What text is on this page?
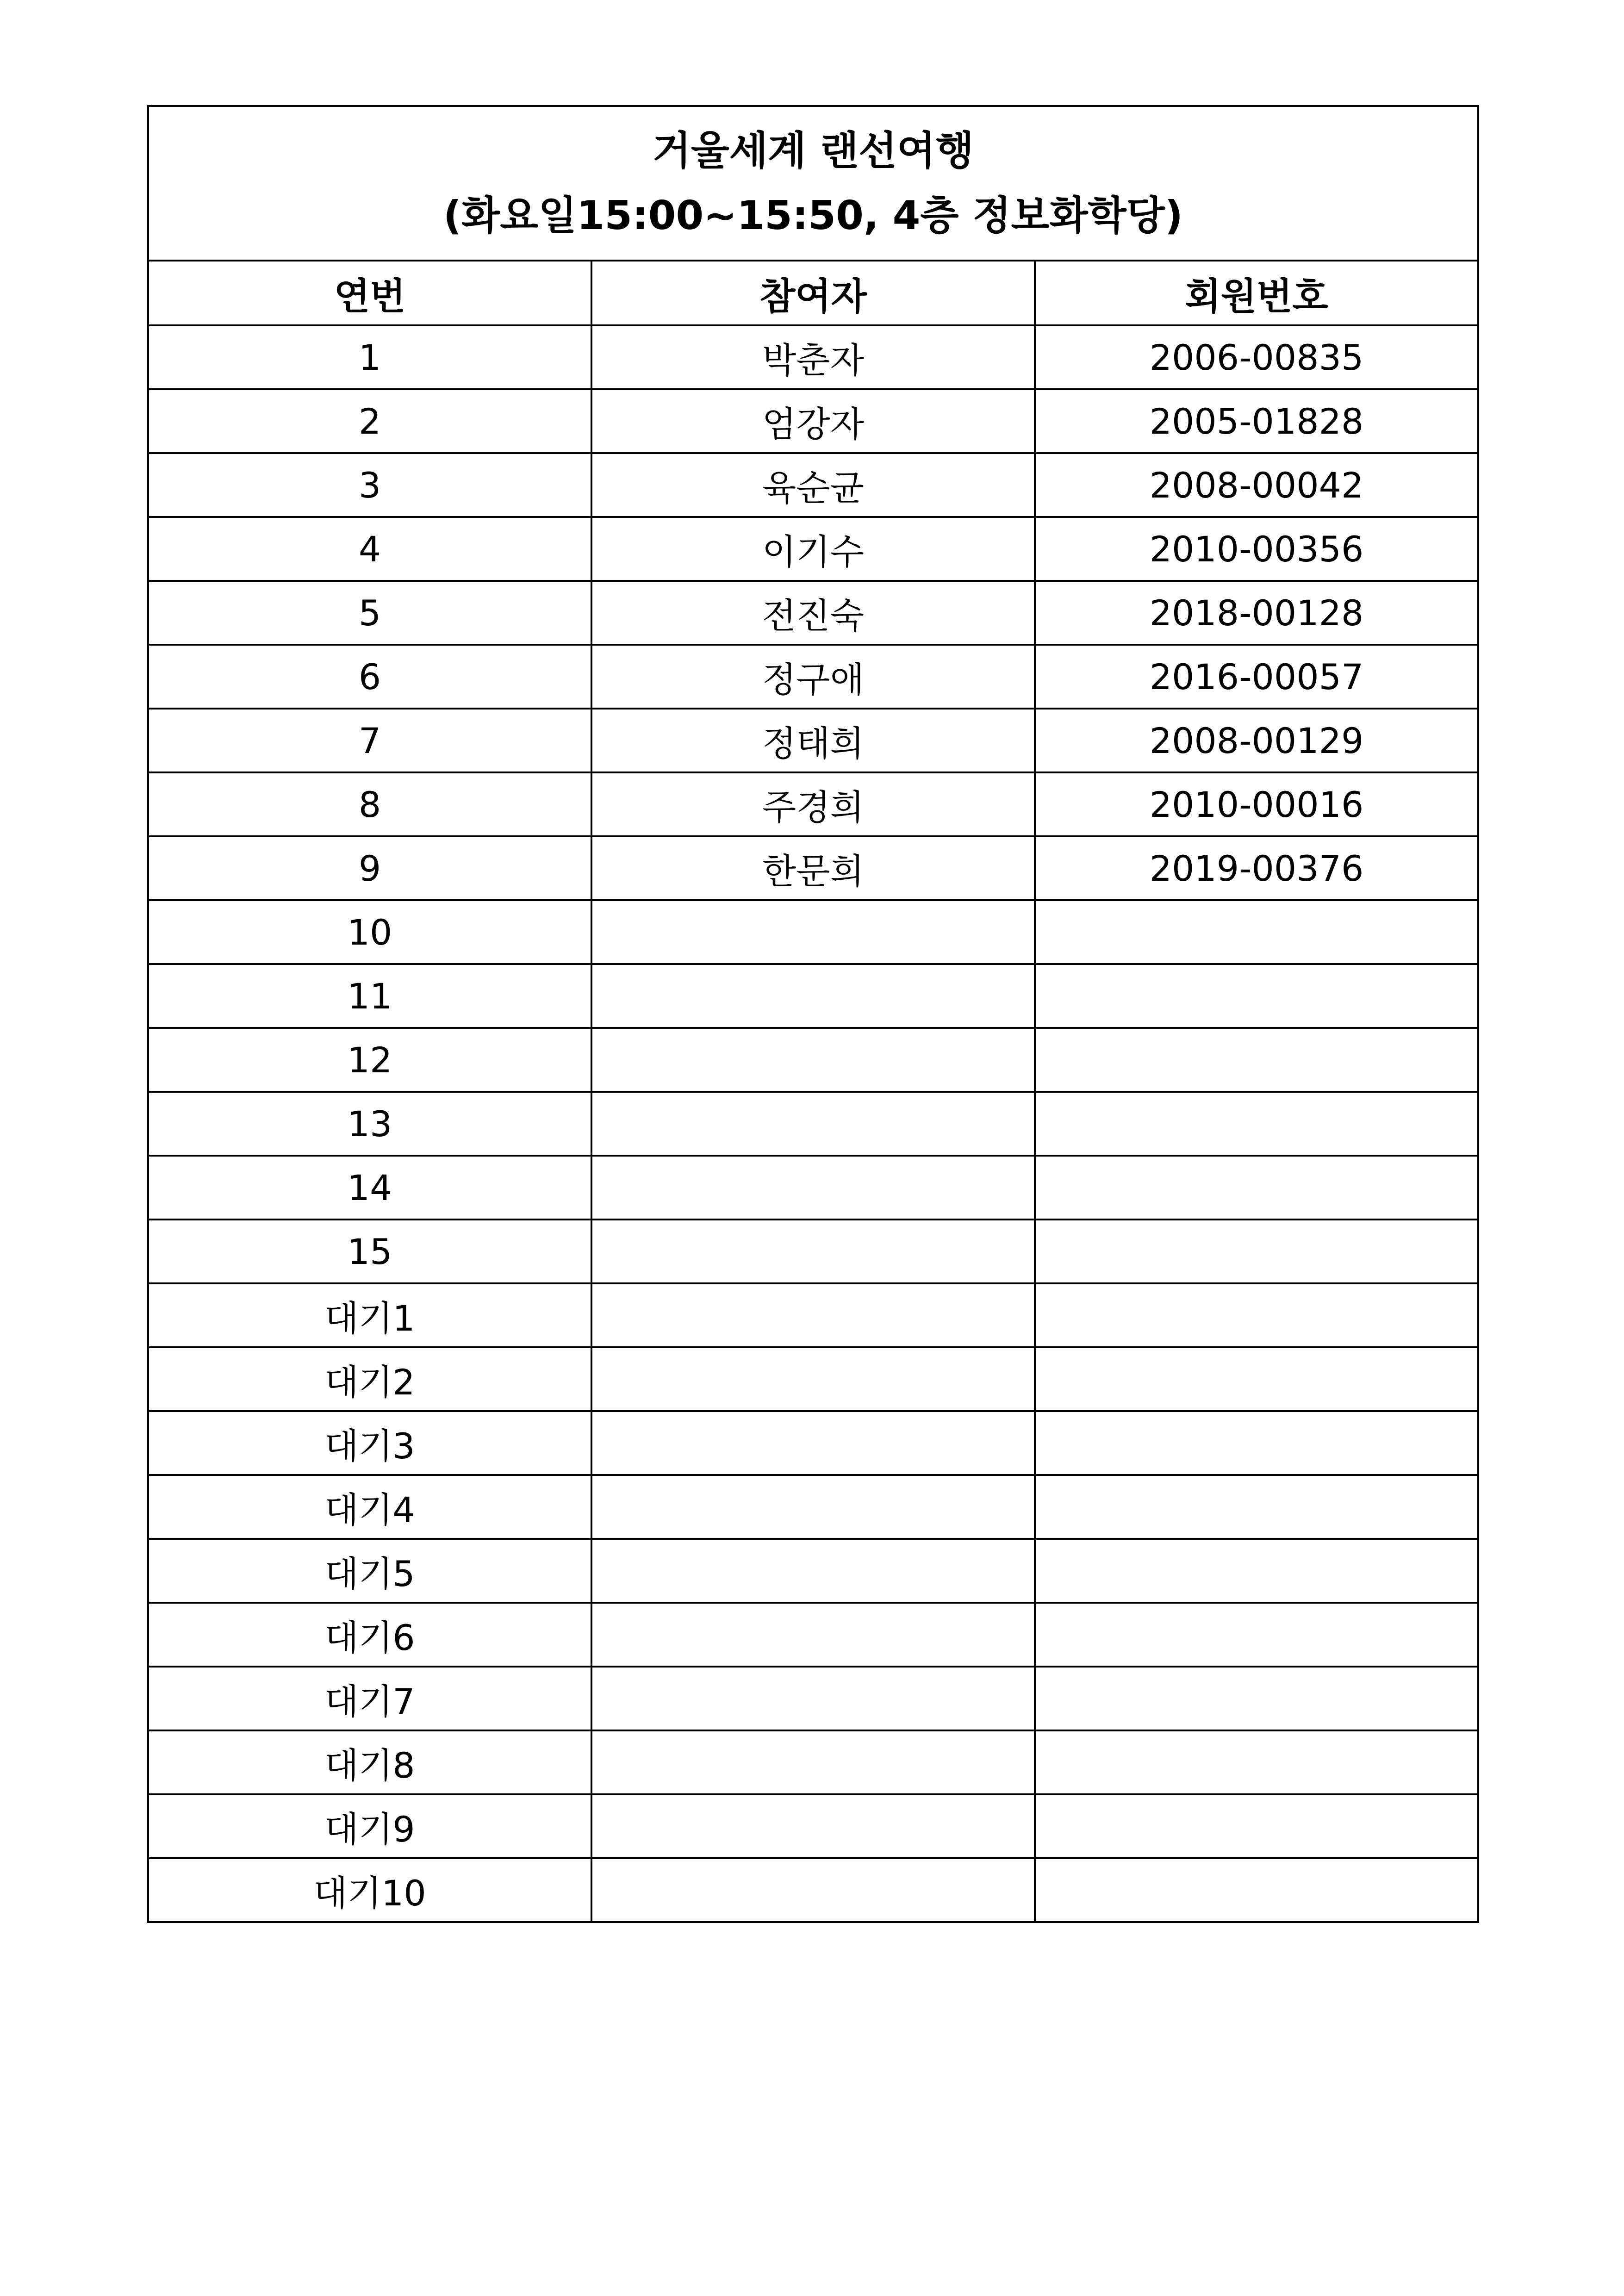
거울세계 랜선여행
(화요일15:00~15:50, 4층 정보화학당)		

연번	참여자	회원번호
1	박춘자	2006-00835
2	엄강자	2005-01828
3	육순균	2008-00042
4	이기수	2010-00356
5	전진숙	2018-00128
6	정구애	2016-00057
7	정태희	2008-00129
8	주경희	2010-00016
9	한문희	2019-00376
10		
11		
12		
13		
14		
15		
대기1		
대기2		
대기3		
대기4		
대기5		
대기6		
대기7		
대기8		
대기9		
대기10		
